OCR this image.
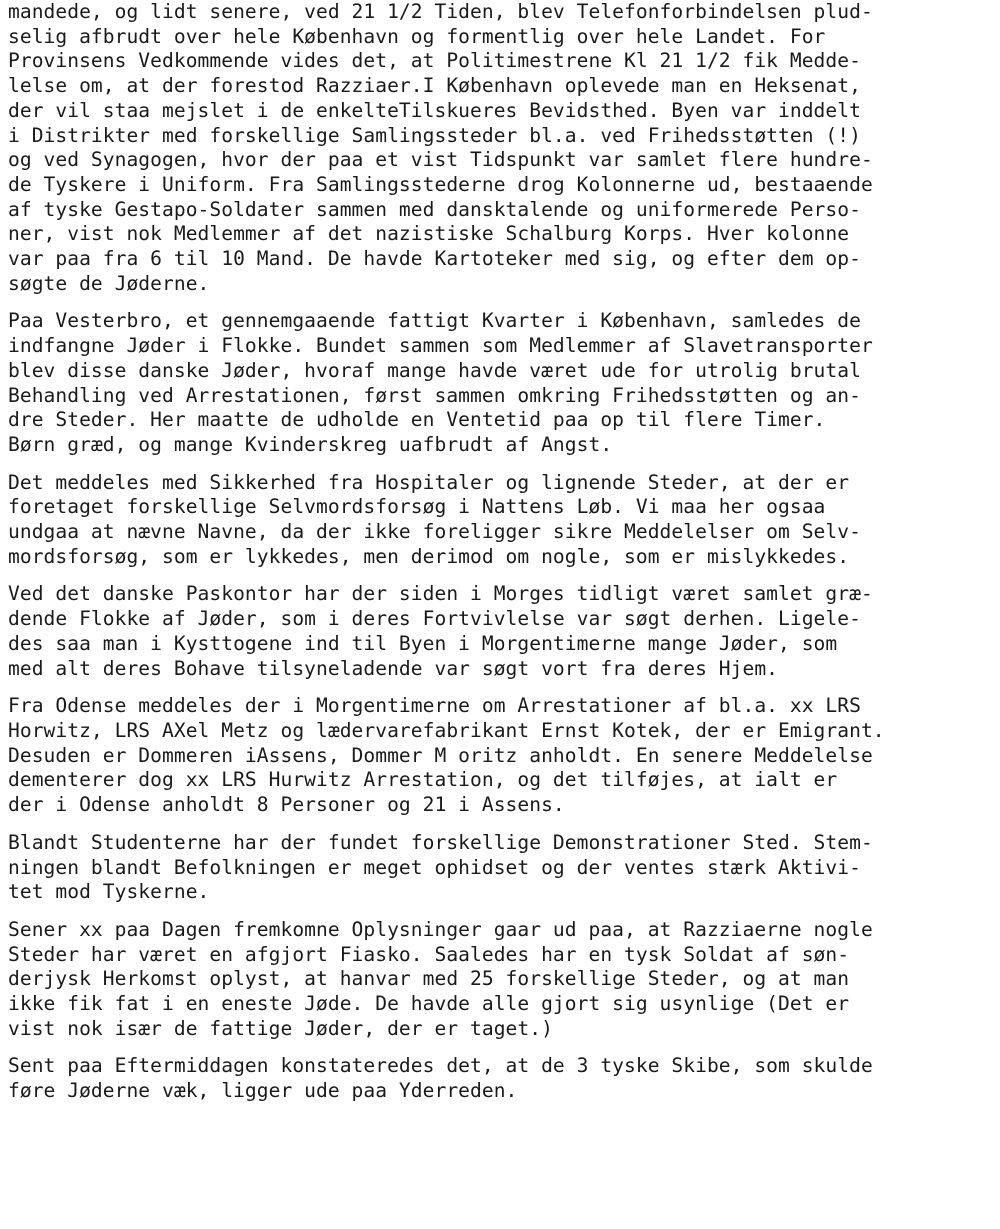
mandede, og lidt senere, ved 21 1/2 Tiden, blev Telefonforbindelsen plud-
selig afbrudt over hele København og formentlig over hele Landet. For
Provinsens Vedkommende vides det, at Politimestrene Kl 21 1/2 fik Medde-
lelse om, at der forestod Razziaer.I København oplevede man en Heksenat,
der vil staa mejslet i de enkelteTilskueres Bevidsthed. Byen var inddelt
i Distrikter med forskellige Samlingssteder bl.a. ved Frihedsstøtten (!)
og ved Synagogen, hvor der paa et vist Tidspunkt var samlet flere hundre-
de Tyskere i Uniform. Fra Samlingsstederne drog Kolonnerne ud, bestaaende
af tyske Gestapo-Soldater sammen med dansktalende og uniformerede Perso-
ner, vist nok Medlemmer af det nazistiske Schalburg Korps. Hver kolonne
var paa fra 6 til 10 Mand. De havde Kartoteker med sig, og efter dem op-
søgte de Jøderne.
Paa Vesterbro, et gennemgaaende fattigt Kvarter i København, samledes de
indfangne Jøder i Flokke. Bundet sammen som Medlemmer af Slavetransporter
blev disse danske Jøder, hvoraf mange havde været ude for utrolig brutal
Behandling ved Arrestationen, først sammen omkring Frihedsstøtten og an-
dre Steder. Her maatte de udholde en Ventetid paa op til flere Timer.
Børn græd, og mange Kvinderskreg uafbrudt af Angst.
Det meddeles med Sikkerhed fra Hospitaler og lignende Steder, at der er
foretaget forskellige Selvmordsforsøg i Nattens Løb. Vi maa her ogsaa
undgaa at nævne Navne, da der ikke foreligger sikre Meddelelser om Selv-
mordsforsøg, som er lykkedes, men derimod om nogle, som er mislykkedes.
Ved det danske Paskontor har der siden i Morges tidligt været samlet græ-
dende Flokke af Jøder, som i deres Fortvivlelse var søgt derhen. Ligele-
des saa man i Kysttogene ind til Byen i Morgentimerne mange Jøder, som
med alt deres Bohave tilsyneladende var søgt vort fra deres Hjem.
Fra Odense meddeles der i Morgentimerne om Arrestationer af bl.a. xx LRS
Horwitz, LRS AXel Metz og lædervarefabrikant Ernst Kotek, der er Emigrant.
Desuden er Dommeren iAssens, Dommer M oritz anholdt. En senere Meddelelse
dementerer dog xx LRS Hurwitz Arrestation, og det tilføjes, at ialt er
der i Odense anholdt 8 Personer og 21 i Assens.
Blandt Studenterne har der fundet forskellige Demonstrationer Sted. Stem-
ningen blandt Befolkningen er meget ophidset og der ventes stærk Aktivi-
tet mod Tyskerne.
Sener xx paa Dagen fremkomne Oplysninger gaar ud paa, at Razziaerne nogle
Steder har været en afgjort Fiasko. Saaledes har en tysk Soldat af søn-
derjysk Herkomst oplyst, at hanvar med 25 forskellige Steder, og at man
ikke fik fat i en eneste Jøde. De havde alle gjort sig usynlige (Det er
vist nok især de fattige Jøder, der er taget.)
Sent paa Eftermiddagen konstateredes det, at de 3 tyske Skibe, som skulde
føre Jøderne væk, ligger ude paa Yderreden.
